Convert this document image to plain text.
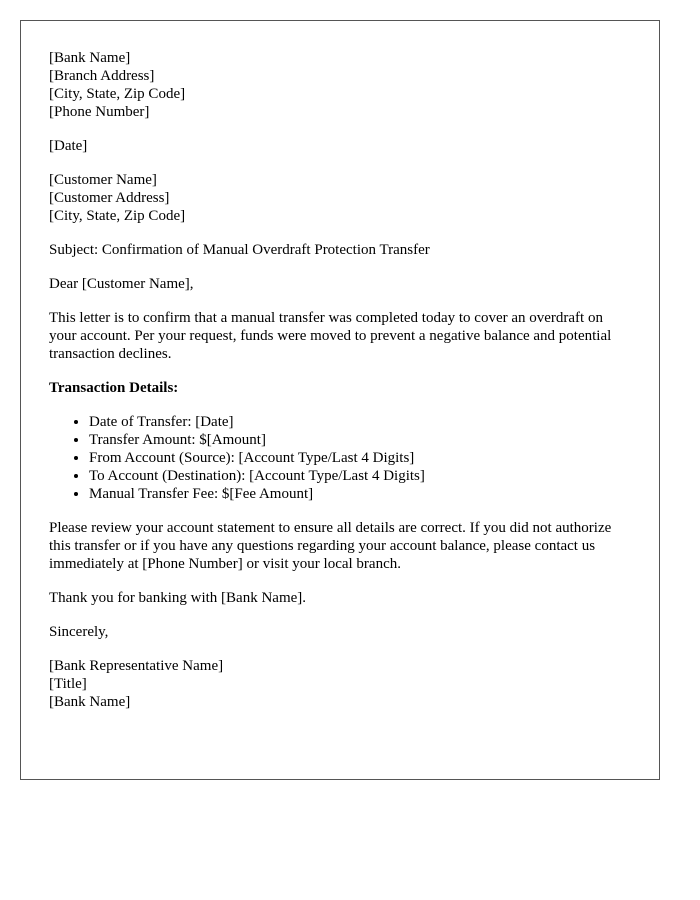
[Bank Name]
[Branch Address]
[City, State, Zip Code]
[Phone Number]
[Date]
[Customer Name]
[Customer Address]
[City, State, Zip Code]

Subject: Confirmation of Manual Overdraft Protection Transfer

Dear [Customer Name],

This letter is to confirm that a manual transfer was completed today to cover an overdraft on your account. Per your request, funds were moved to prevent a negative balance and potential transaction declines.

Transaction Details:
• Date of Transfer: [Date]
• Transfer Amount: $[Amount]
• From Account (Source): [Account Type/Last 4 Digits]
• To Account (Destination): [Account Type/Last 4 Digits]
• Manual Transfer Fee: $[Fee Amount]

Please review your account statement to ensure all details are correct. If you did not authorize this transfer or if you have any questions regarding your account balance, please contact us immediately at [Phone Number] or visit your local branch.

Thank you for banking with [Bank Name].

Sincerely,

[Bank Representative Name]
[Title]
[Bank Name]
